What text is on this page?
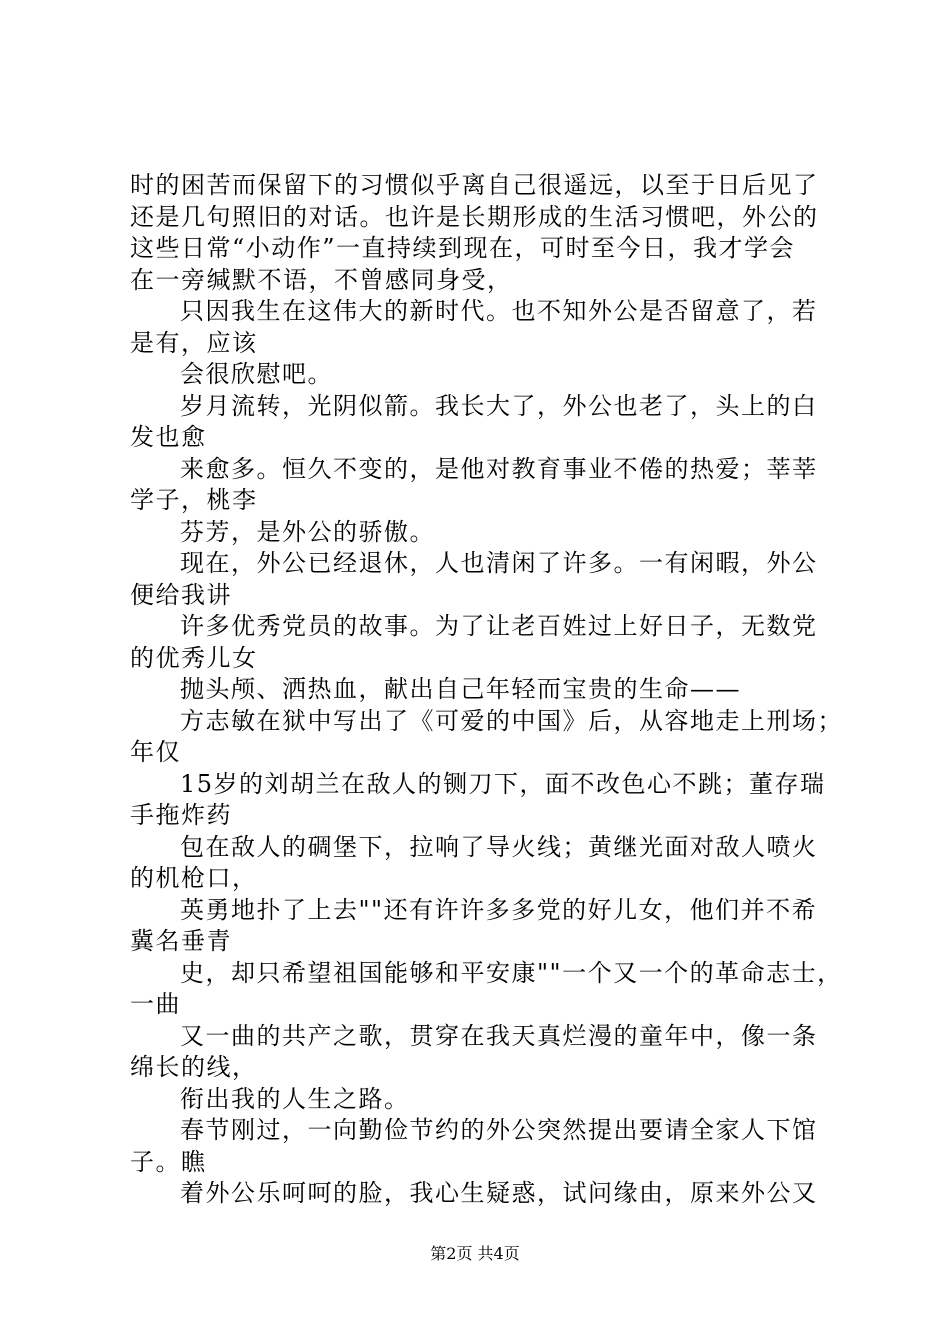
时的困苦而保留下的习惯似乎离自己很遥远，以至于日后见了
还是几句照旧的对话。也许是长期形成的生活习惯吧，外公的
这些日常“小动作”一直持续到现在，可时至今日，我才学会
在一旁缄默不语，不曾感同身受，
只因我生在这伟大的新时代。也不知外公是否留意了，若
是有，应该
会很欣慰吧。
岁月流转，光阴似箭。我长大了，外公也老了，头上的白
发也愈
来愈多。恒久不变的，是他对教育事业不倦的热爱；莘莘
学子，桃李
芬芳，是外公的骄傲。
现在，外公已经退休，人也清闲了许多。一有闲暇，外公
便给我讲
许多优秀党员的故事。为了让老百姓过上好日子，无数党
的优秀儿女
抛头颅、洒热血，献出自己年轻而宝贵的生命——
方志敏在狱中写出了《可爱的中国》后，从容地走上刑场；
年仅
15岁的刘胡兰在敌人的铡刀下，面不改色心不跳；董存瑞
手拖炸药
包在敌人的碉堡下，拉响了导火线；黄继光面对敌人喷火
的机枪口，
英勇地扑了上去""还有许许多多党的好儿女，他们并不希
冀名垂青
史，却只希望祖国能够和平安康""一个又一个的革命志士，
一曲
又一曲的共产之歌，贯穿在我天真烂漫的童年中，像一条
绵长的线，
衔出我的人生之路。
春节刚过，一向勤俭节约的外公突然提出要请全家人下馆
子。瞧
着外公乐呵呵的脸，我心生疑惑，试问缘由，原来外公又
第2页 共4页
